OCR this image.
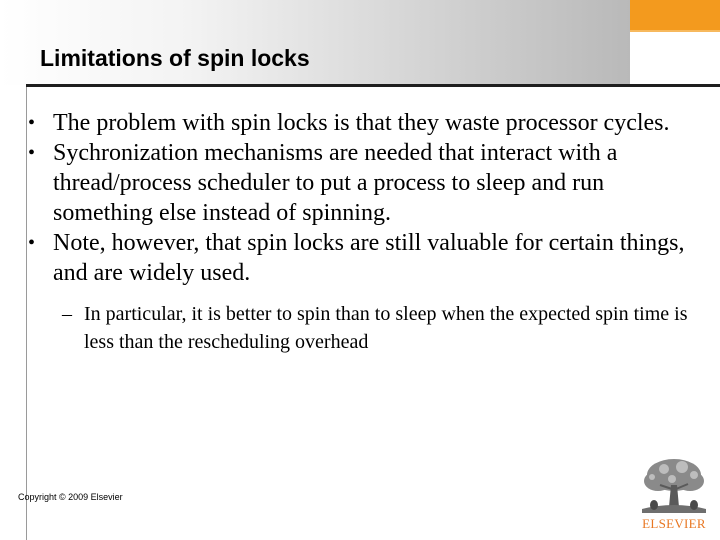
Limitations of spin locks
• The problem with spin locks is that they waste processor cycles.
• Sychronization mechanisms are needed that interact with a thread/process scheduler to put a process to sleep and run something else instead of spinning.
• Note, however, that spin locks are still valuable for certain things, and are widely used.
– In particular, it is better to spin than to sleep when the expected spin time is less than the rescheduling overhead
Copyright © 2009 Elsevier
ELSEVIER
